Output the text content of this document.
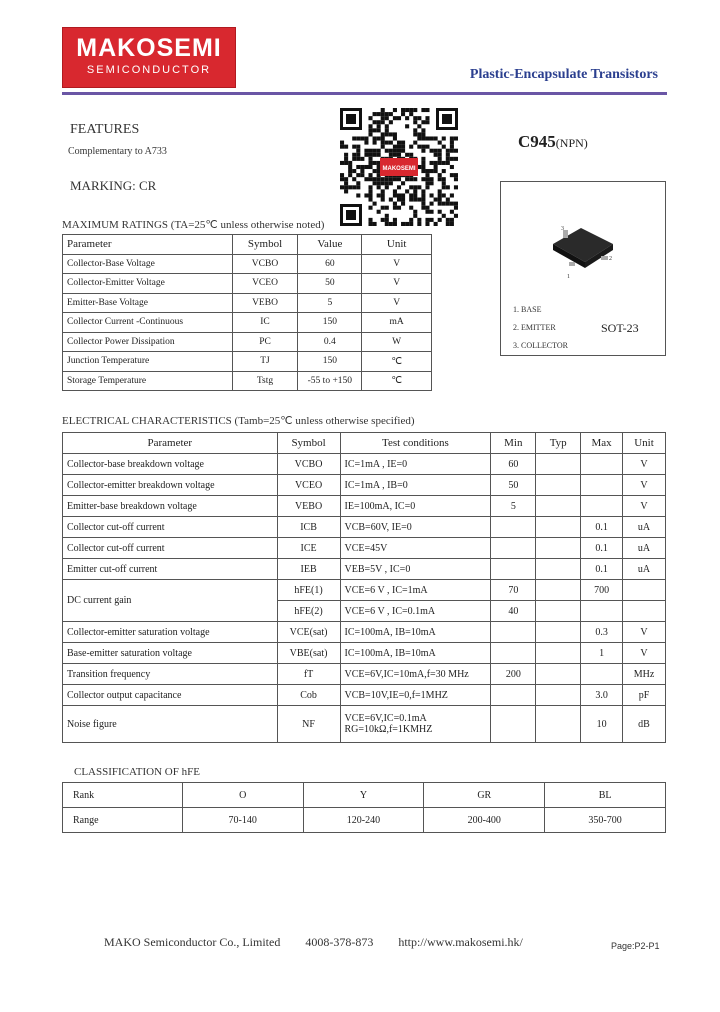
MAKOSEMI
SEMICONDUCTOR	Plastic-Encapsulate Transistors
FEATURES
Complementary to A733
MARKING: CR
MAKOSEMI
C945(NPN)
3
2
1
1. BASE
2. EMITTER
3. COLLECTOR
SOT-23
MAXIMUM RATINGS (TA=25℃ unless otherwise noted)
Parameter	Symbol	Value	Unit
Collector-Base Voltage	VCBO	60	V
Collector-Emitter Voltage	VCEO	50	V
Emitter-Base Voltage	VEBO	5	V
Collector Current -Continuous	IC	150	mA
Collector Power Dissipation	PC	0.4	W
Junction Temperature	TJ	150	℃
Storage Temperature	Tstg	-55 to +150	℃
ELECTRICAL CHARACTERISTICS (Tamb=25℃ unless otherwise specified)
Parameter	Symbol	Test conditions	Min	Typ	Max	Unit
Collector-base breakdown voltage	VCBO	IC=1mA , IE=0	60			V
Collector-emitter breakdown voltage	VCEO	IC=1mA , IB=0	50			V
Emitter-base breakdown voltage	VEBO	IE=100mA, IC=0	5			V
Collector cut-off current	ICB	VCB=60V, IE=0			0.1	uA
Collector cut-off current	ICE	VCE=45V			0.1	uA
Emitter cut-off current	IEB	VEB=5V , IC=0			0.1	uA
DC current gain	hFE(1)	VCE=6 V , IC=1mA	70		700	
	hFE(2)	VCE=6 V , IC=0.1mA	40			
Collector-emitter saturation voltage	VCE(sat)	IC=100mA, IB=10mA			0.3	V
Base-emitter saturation voltage	VBE(sat)	IC=100mA, IB=10mA			1	V
Transition frequency	fT	VCE=6V,IC=10mA,f=30 MHz	200			MHz
Collector output capacitance	Cob	VCB=10V,IE=0,f=1MHZ			3.0	pF
Noise figure	NF	VCE=6V,IC=0.1mA
RG=10kΩ,f=1KMHZ			10	dB
CLASSIFICATION OF hFE
Rank	O	Y	GR	BL
Range	70-140	120-240	200-400	350-700
MAKO Semiconductor Co., Limited 4008-378-873 http://www.makosemi.hk/	Page:P2-P1
